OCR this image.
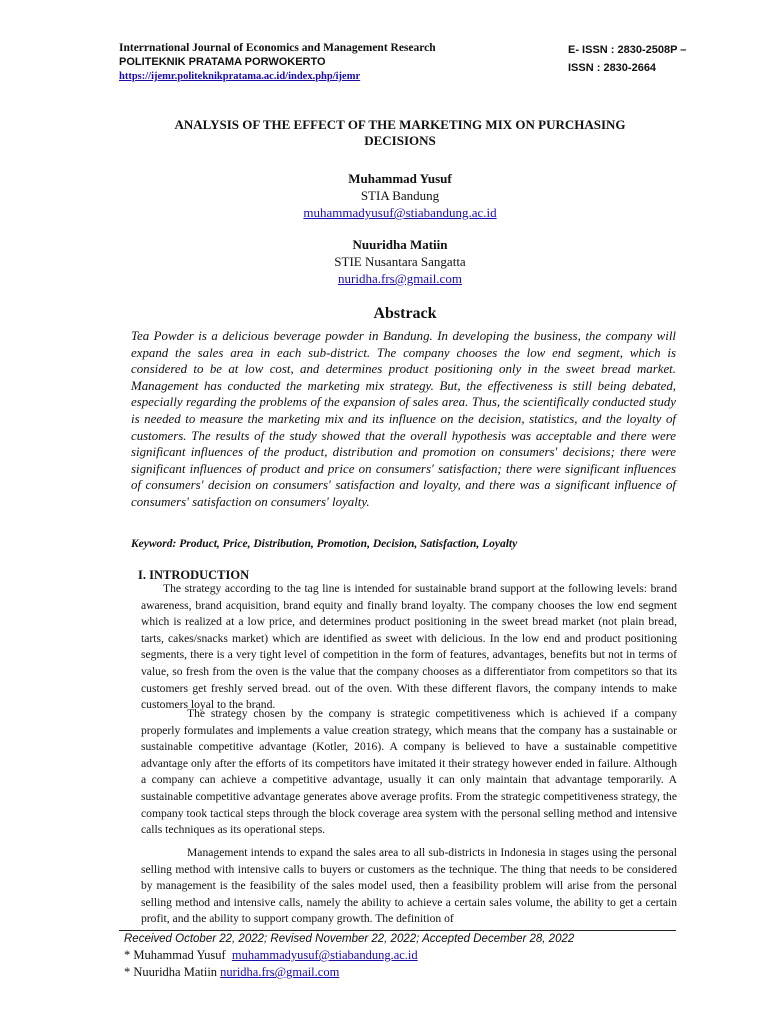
Interrnational Journal of Economics and Management Research
POLITEKNIK PRATAMA PORWOKERTO
https://ijemr.politeknikpratama.ac.id/index.php/ijemr
E- ISSN : 2830-2508P –
ISSN : 2830-2664
ANALYSIS OF THE EFFECT OF THE MARKETING MIX ON PURCHASING DECISIONS
Muhammad Yusuf
STIA Bandung
muhammadyusuf@stiabandung.ac.id
Nuuridha Matiin
STIE Nusantara Sangatta
nuridha.frs@gmail.com
Abstrack
Tea Powder is a delicious beverage powder in Bandung. In developing the business, the company will expand the sales area in each sub-district. The company chooses the low end segment, which is considered to be at low cost, and determines product positioning only in the sweet bread market. Management has conducted the marketing mix strategy. But, the effectiveness is still being debated, especially regarding the problems of the expansion of sales area. Thus, the scientifically conducted study is needed to measure the marketing mix and its influence on the decision, statistics, and the loyalty of customers. The results of the study showed that the overall hypothesis was acceptable and there were significant influences of the product, distribution and promotion on consumers' decisions; there were significant influences of product and price on consumers' satisfaction; there were significant influences of consumers' decision on consumers' satisfaction and loyalty, and there was a significant influence of consumers' satisfaction on consumers' loyalty.
Keyword: Product, Price, Distribution, Promotion, Decision, Satisfaction, Loyalty
I. INTRODUCTION
The strategy according to the tag line is intended for sustainable brand support at the following levels: brand awareness, brand acquisition, brand equity and finally brand loyalty. The company chooses the low end segment which is realized at a low price, and determines product positioning in the sweet bread market (not plain bread, tarts, cakes/snacks market) which are identified as sweet with delicious. In the low end and product positioning segments, there is a very tight level of competition in the form of features, advantages, benefits but not in terms of value, so fresh from the oven is the value that the company chooses as a differentiator from competitors so that its customers get freshly served bread. out of the oven. With these different flavors, the company intends to make customers loyal to the brand.
The strategy chosen by the company is strategic competitiveness which is achieved if a company properly formulates and implements a value creation strategy, which means that the company has a sustainable or sustainable competitive advantage (Kotler, 2016). A company is believed to have a sustainable competitive advantage only after the efforts of its competitors have imitated it their strategy however ended in failure. Although a company can achieve a competitive advantage, usually it can only maintain that advantage temporarily. A sustainable competitive advantage generates above average profits. From the strategic competitiveness strategy, the company took tactical steps through the block coverage area system with the personal selling method and intensive calls techniques as its operational steps.
Management intends to expand the sales area to all sub-districts in Indonesia in stages using the personal selling method with intensive calls to buyers or customers as the technique. The thing that needs to be considered by management is the feasibility of the sales model used, then a feasibility problem will arise from the personal selling method and intensive calls, namely the ability to achieve a certain sales volume, the ability to get a certain profit, and the ability to support company growth. The definition of
Received October 22, 2022; Revised November 22, 2022; Accepted December 28, 2022
* Muhammad Yusuf muhammadyusuf@stiabandung.ac.id
* Nuuridha Matiin nuridha.frs@gmail.com
